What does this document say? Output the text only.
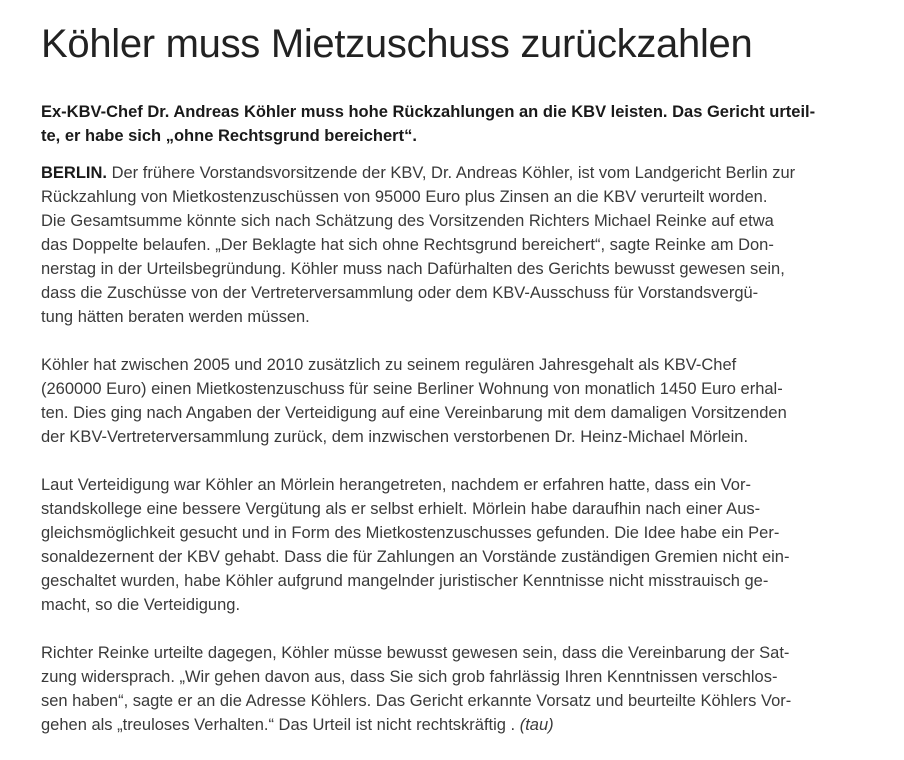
Köhler muss Mietzuschuss zurückzahlen

Ex-KBV-Chef Dr. Andreas Köhler muss hohe Rückzahlungen an die KBV leisten. Das Gericht urteil-
te, er habe sich „ohne Rechtsgrund bereichert“.

BERLIN. Der frühere Vorstandsvorsitzende der KBV, Dr. Andreas Köhler, ist vom Landgericht Berlin zur
Rückzahlung von Mietkostenzuschüssen von 95000 Euro plus Zinsen an die KBV verurteilt worden.
Die Gesamtsumme könnte sich nach Schätzung des Vorsitzenden Richters Michael Reinke auf etwa
das Doppelte belaufen. „Der Beklagte hat sich ohne Rechtsgrund bereichert“, sagte Reinke am Don-
nerstag in der Urteilsbegründung. Köhler muss nach Dafürhalten des Gerichts bewusst gewesen sein,
dass die Zuschüsse von der Vertreterversammlung oder dem KBV-Ausschuss für Vorstandsvergü-
tung hätten beraten werden müssen.

Köhler hat zwischen 2005 und 2010 zusätzlich zu seinem regulären Jahresgehalt als KBV-Chef
(260000 Euro) einen Mietkostenzuschuss für seine Berliner Wohnung von monatlich 1450 Euro erhal-
ten. Dies ging nach Angaben der Verteidigung auf eine Vereinbarung mit dem damaligen Vorsitzenden
der KBV-Vertreterversammlung zurück, dem inzwischen verstorbenen Dr. Heinz-Michael Mörlein.

Laut Verteidigung war Köhler an Mörlein herangetreten, nachdem er erfahren hatte, dass ein Vor-
standskollege eine bessere Vergütung als er selbst erhielt. Mörlein habe daraufhin nach einer Aus-
gleichsmöglichkeit gesucht und in Form des Mietkostenzuschusses gefunden. Die Idee habe ein Per-
sonaldezernent der KBV gehabt. Dass die für Zahlungen an Vorstände zuständigen Gremien nicht ein-
geschaltet wurden, habe Köhler aufgrund mangelnder juristischer Kenntnisse nicht misstrauisch ge-
macht, so die Verteidigung.

Richter Reinke urteilte dagegen, Köhler müsse bewusst gewesen sein, dass die Vereinbarung der Sat-
zung widersprach. „Wir gehen davon aus, dass Sie sich grob fahrlässig Ihren Kenntnissen verschlos-
sen haben“, sagte er an die Adresse Köhlers. Das Gericht erkannte Vorsatz und beurteilte Köhlers Vor-
gehen als „treuloses Verhalten.“ Das Urteil ist nicht rechtskräftig . (tau)
